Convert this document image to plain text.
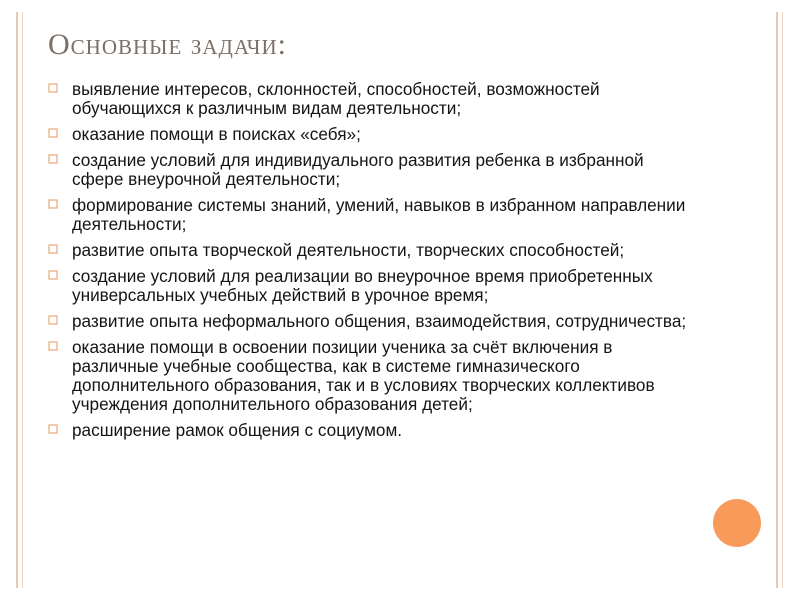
Основные задачи:
выявление интересов, склонностей, способностей, возможностей обучающихся к различным видам деятельности;
оказание помощи в поисках «себя»;
создание условий для индивидуального развития ребенка в избранной сфере внеурочной деятельности;
формирование системы знаний, умений, навыков в избранном направлении деятельности;
развитие опыта творческой деятельности, творческих способностей;
создание условий для реализации во внеурочное время приобретенных универсальных учебных действий в урочное время;
развитие опыта неформального общения, взаимодействия, сотрудничества;
оказание помощи в освоении позиции ученика за счёт включения в различные учебные сообщества, как в системе гимназического дополнительного образования, так и в условиях творческих коллективов учреждения дополнительного образования детей;
расширение рамок общения с социумом.
